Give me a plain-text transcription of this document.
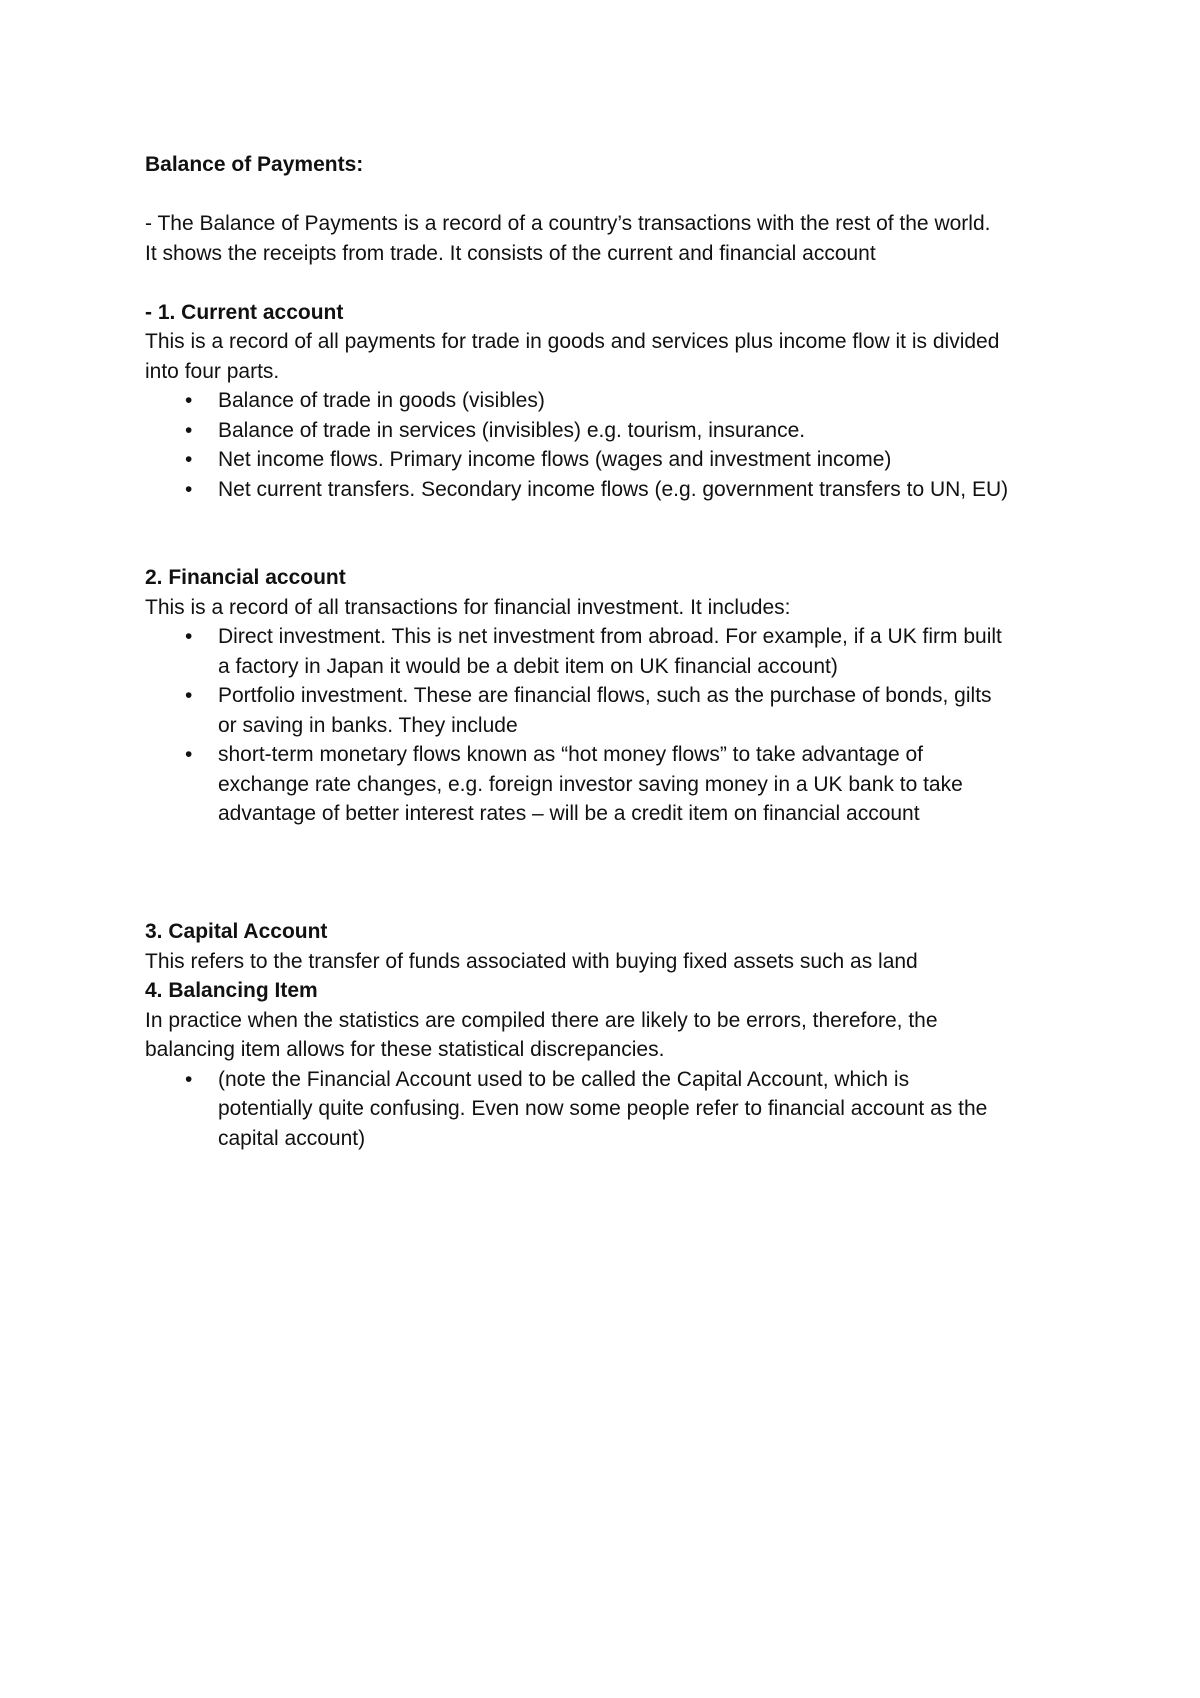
Balance of Payments:
- The Balance of Payments is a record of a country’s transactions with the rest of the world.
It shows the receipts from trade. It consists of the current and financial account
- 1. Current account
This is a record of all payments for trade in goods and services plus income flow it is divided
into four parts.
• Balance of trade in goods (visibles)
• Balance of trade in services (invisibles) e.g. tourism, insurance.
• Net income flows. Primary income flows (wages and investment income)
• Net current transfers. Secondary income flows (e.g. government transfers to UN, EU)
2. Financial account
This is a record of all transactions for financial investment. It includes:
• Direct investment. This is net investment from abroad. For example, if a UK firm built
a factory in Japan it would be a debit item on UK financial account)
• Portfolio investment. These are financial flows, such as the purchase of bonds, gilts
or saving in banks. They include
• short-term monetary flows known as “hot money flows” to take advantage of
exchange rate changes, e.g. foreign investor saving money in a UK bank to take
advantage of better interest rates – will be a credit item on financial account
3. Capital Account
This refers to the transfer of funds associated with buying fixed assets such as land
4. Balancing Item
In practice when the statistics are compiled there are likely to be errors, therefore, the
balancing item allows for these statistical discrepancies.
• (note the Financial Account used to be called the Capital Account, which is
potentially quite confusing. Even now some people refer to financial account as the
capital account)
